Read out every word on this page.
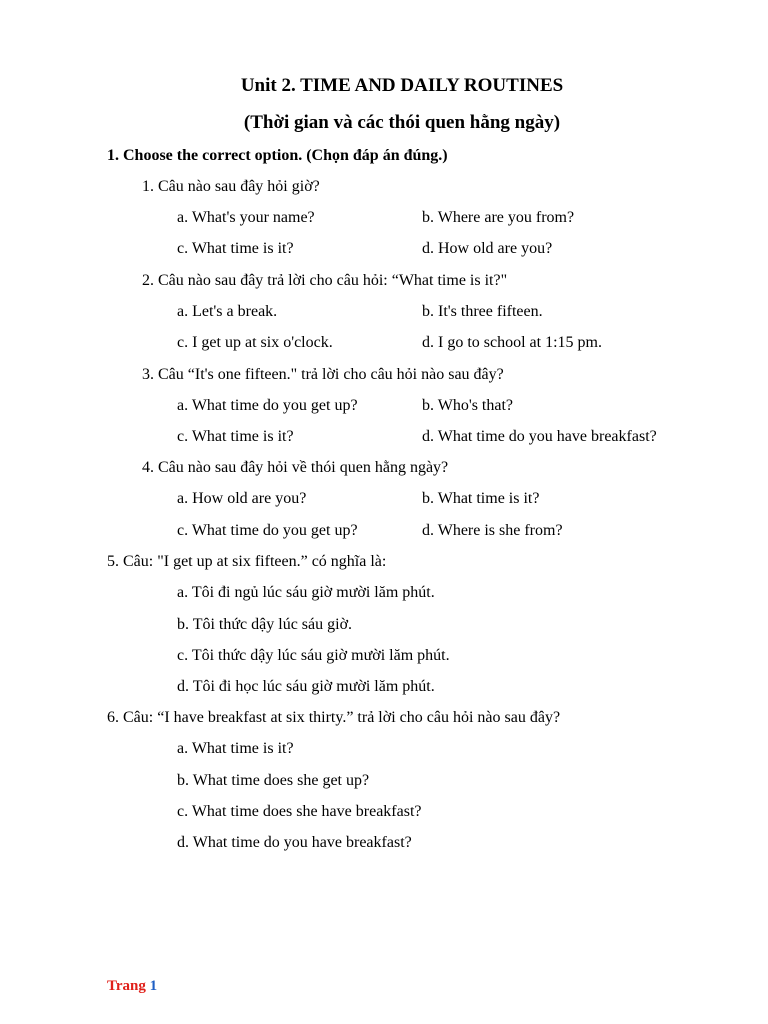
Unit 2. TIME AND DAILY ROUTINES
(Thời gian và các thói quen hằng ngày)
1. Choose the correct option. (Chọn đáp án đúng.)
1. Câu nào sau đây hỏi giờ?
a. What's your name?	b. Where are you from?
c. What time is it?	d. How old are you?
2. Câu nào sau đây trả lời cho câu hỏi: “What time is it?"
a. Let's a break.	b. It's three fifteen.
c. I get up at six o'clock.	d. I go to school at 1:15 pm.
3. Câu “It's one fifteen." trả lời cho câu hỏi nào sau đây?
a. What time do you get up?	b. Who's that?
c. What time is it?	d. What time do you have breakfast?
4. Câu nào sau đây hỏi về thói quen hằng ngày?
a. How old are you?	b. What time is it?
c. What time do you get up?	d. Where is she from?
5. Câu: "I get up at six fifteen.” có nghĩa là:
a. Tôi đi ngủ lúc sáu giờ mười lăm phút.
b. Tôi thức dậy lúc sáu giờ.
c. Tôi thức dậy lúc sáu giờ mười lăm phút.
d. Tôi đi học lúc sáu giờ mười lăm phút.
6. Câu: “I have breakfast at six thirty.” trả lời cho câu hỏi nào sau đây?
a. What time is it?
b. What time does she get up?
c. What time does she have breakfast?
d. What time do you have breakfast?
Trang 1
